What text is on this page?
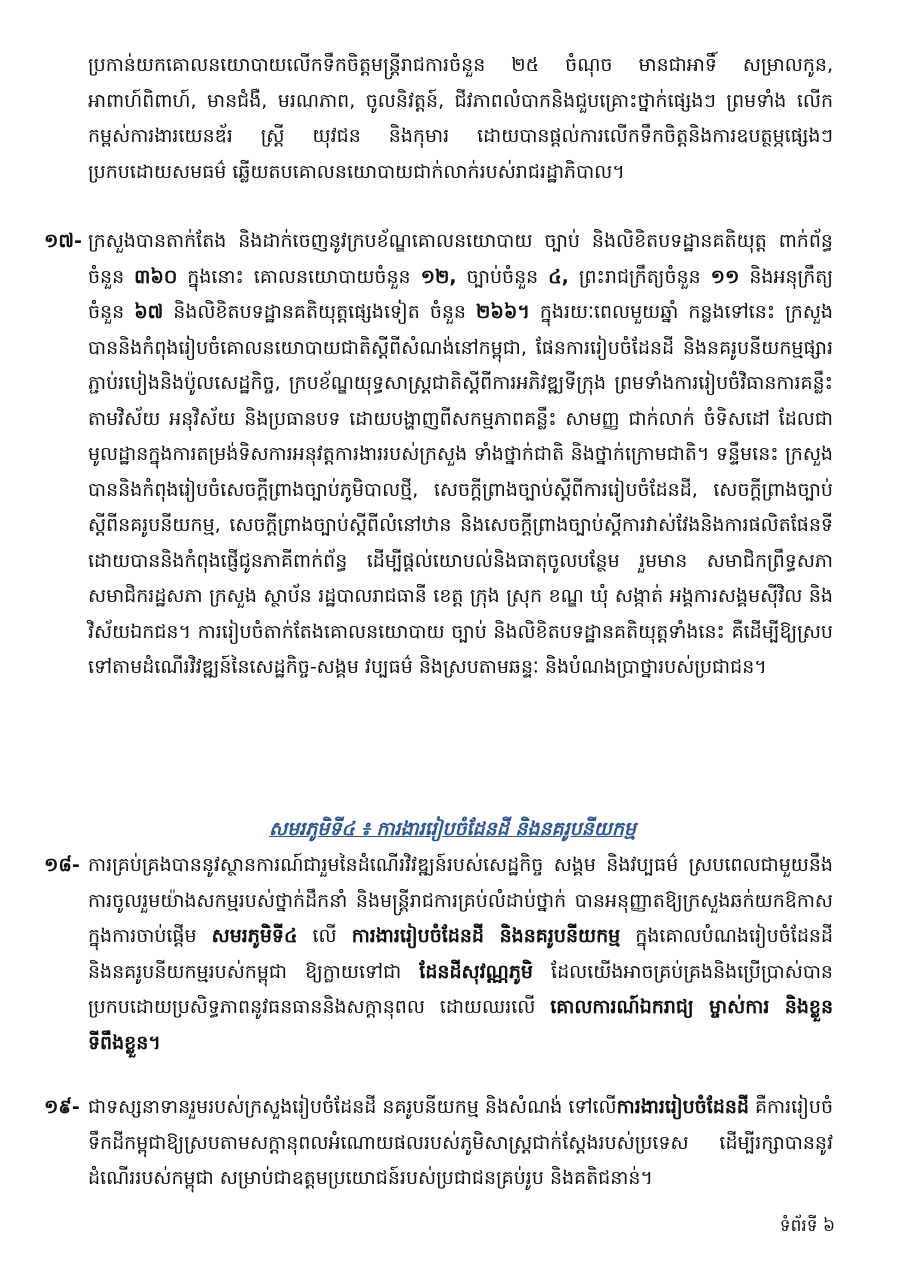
ប្រកាន់យកគោលនយោបាយលើកទឹកចិត្តមន្ត្រីរាជការចំនួន ២៥ ចំណុច មានជាអាទិ៍ សម្រាលកូន, អាពាហ៍ពិពាហ៍, មានជំងឺ, មរណភាព, ចូលនិវត្តន៍, ជីវភាពលំបាកនិងជួបគ្រោះថ្នាក់ផ្សេងៗ ព្រមទាំង លើកកម្ពស់ការងារយេនឌ័រ ស្ត្រី យុវជន និងកុមារ ដោយបានផ្តល់ការលើកទឹកចិត្តនិងការឧបត្ថម្ភផ្សេងៗ ប្រកបដោយសមធម៌ ឆ្លើយតបគោលនយោបាយជាក់លាក់របស់រាជរដ្ឋាភិបាល។

១៧- ក្រសួងបានតាក់តែង និងដាក់ចេញនូវក្របខ័ណ្ឌគោលនយោបាយ ច្បាប់ និងលិខិតបទដ្ឋានគតិយុត្ត ពាក់ព័ន្ធ ចំនួន ៣៦០ ក្នុងនោះ គោលនយោបាយចំនួន ១២, ច្បាប់ចំនួន ៤, ព្រះរាជក្រឹត្យចំនួន ១១ និងអនុក្រឹត្យចំនួន ៦៧ និងលិខិតបទដ្ឋានគតិយុត្តផ្សេងទៀត ចំនួន ២៦៦។ ក្នុងរយៈពេលមួយឆ្នាំ កន្លងទៅនេះ ក្រសួងបាននិងកំពុងរៀបចំគោលនយោបាយជាតិស្តីពីសំណង់នៅកម្ពុជា, ផែនការរៀបចំដែនដី និងនគរូបនីយកម្មផ្សារភ្ជាប់របៀងនិងប៉ូលសេដ្ឋកិច្ច, ក្របខ័ណ្ឌយុទ្ធសាស្ត្រជាតិស្តីពីការអភិវឌ្ឍទីក្រុង ព្រមទាំងការរៀបចំវិធានការគន្លឹះតាមវិស័យ អនុវិស័យ និងប្រធានបទ ដោយបង្ហាញពីសកម្មភាពគន្លឹះ សាមញ្ញ ជាក់លាក់ ចំទិសដៅ ដែលជាមូលដ្ឋានក្នុងការតម្រង់ទិសការអនុវត្តការងាររបស់ក្រសួង ទាំងថ្នាក់ជាតិ និងថ្នាក់ក្រោមជាតិ។ ទន្ទឹមនេះ ក្រសួងបាននិងកំពុងរៀបចំសេចក្តីព្រាងច្បាប់ភូមិបាលថ្មី, សេចក្តីព្រាងច្បាប់ស្តីពីការរៀបចំដែនដី, សេចក្តីព្រាងច្បាប់ស្តីពីនគរូបនីយកម្ម, សេចក្តីព្រាងច្បាប់ស្តីពីលំនៅឋាន និងសេចក្តីព្រាងច្បាប់ស្តីការវាស់វែងនិងការផលិតផែនទី ដោយបាននិងកំពុងផ្ញើជូនភាគីពាក់ព័ន្ធ ដើម្បីផ្តល់យោបល់និងធាតុចូលបន្ថែម រួមមាន សមាជិកព្រឹទ្ធសភា សមាជិករដ្ឋសភា ក្រសួង ស្ថាប័ន រដ្ឋបាលរាជធានី ខេត្ត ក្រុង ស្រុក ខណ្ឌ ឃុំ សង្កាត់ អង្គការសង្គមស៊ីវិល និងវិស័យឯកជន។ ការរៀបចំតាក់តែងគោលនយោបាយ ច្បាប់ និងលិខិតបទដ្ឋានគតិយុត្តទាំងនេះ គឺដើម្បីឱ្យស្របទៅតាមដំណើរវិវឌ្ឍន៍នៃសេដ្ឋកិច្ច-សង្គម វប្បធម៌ និងស្របតាមឆន្ទៈ និងបំណងប្រាថ្នារបស់ប្រជាជន។

សមរភូមិទី៤ ៖ ការងាររៀបចំដែនដី និងនគរូបនីយកម្ម
១៨- ការគ្រប់គ្រងបាននូវស្ថានការណ៍ជារួមនៃដំណើរវិវឌ្ឍន៍របស់សេដ្ឋកិច្ច សង្គម និងវប្បធម៌ ស្របពេលជាមួយនឹងការចូលរួមយ៉ាងសកម្មរបស់ថ្នាក់ដឹកនាំ និងមន្ត្រីរាជការគ្រប់លំដាប់ថ្នាក់ បានអនុញ្ញាតឱ្យក្រសួងឆក់យកឱកាសក្នុងការចាប់ផ្តើម សមរភូមិទី៤ លើ ការងាររៀបចំដែនដី និងនគរូបនីយកម្ម ក្នុងគោលបំណងរៀបចំដែនដីនិងនគរូបនីយកម្មរបស់កម្ពុជា ឱ្យក្លាយទៅជា ដែនដីសុវណ្ណភូមិ ដែលយើងអាចគ្រប់គ្រងនិងប្រើប្រាស់បានប្រកបដោយប្រសិទ្ធភាពនូវធនធាននិងសក្តានុពល ដោយឈរលើ គោលការណ៍ឯករាជ្យ ម្ចាស់ការ និងខ្លួនទីពឹងខ្លួន។

១៩- ជាទស្សនាទានរួមរបស់ក្រសួងរៀបចំដែនដី នគរូបនីយកម្ម និងសំណង់ ទៅលើការងាររៀបចំដែនដី គឺការរៀបចំទឹកដីកម្ពុជាឱ្យស្របតាមសក្តានុពលអំណោយផលរបស់ភូមិសាស្ត្រជាក់ស្តែងរបស់ប្រទេស ដើម្បីរក្សាបាននូវដំណើររបស់កម្ពុជា សម្រាប់ជាឧត្តមប្រយោជន៍របស់ប្រជាជនគ្រប់រូប និងគតិជនាន់។

ទំព័រទី ៦
